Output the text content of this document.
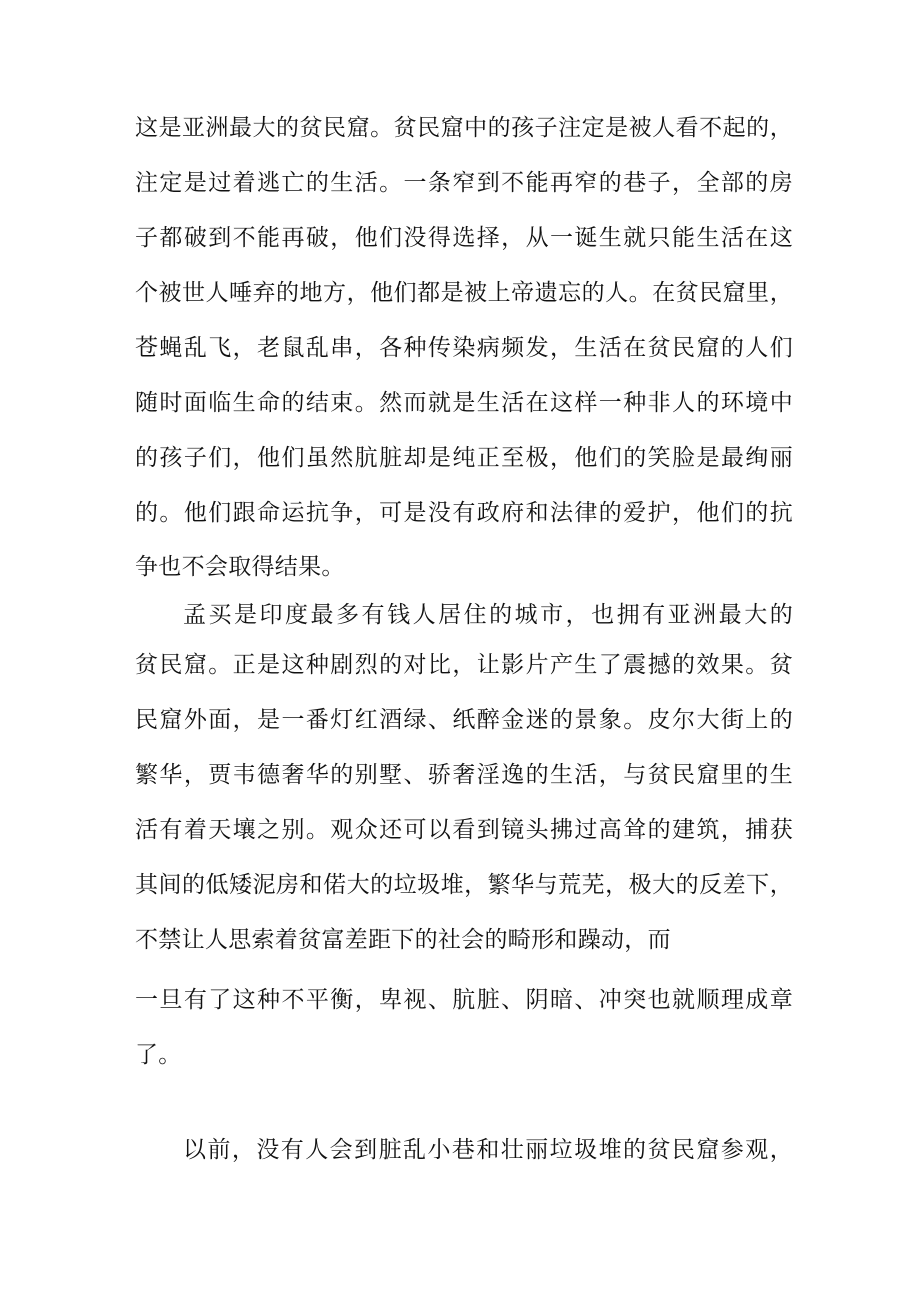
这是亚洲最大的贫民窟。贫民窟中的孩子注定是被人看不起的，
注定是过着逃亡的生活。一条窄到不能再窄的巷子，全部的房
子都破到不能再破，他们没得选择，从一诞生就只能生活在这
个被世人唾弃的地方，他们都是被上帝遗忘的人。在贫民窟里，
苍蝇乱飞，老鼠乱串，各种传染病频发，生活在贫民窟的人们
随时面临生命的结束。然而就是生活在这样一种非人的环境中
的孩子们，他们虽然肮脏却是纯正至极，他们的笑脸是最绚丽
的。他们跟命运抗争，可是没有政府和法律的爱护，他们的抗
争也不会取得结果。
孟买是印度最多有钱人居住的城市，也拥有亚洲最大的
贫民窟。正是这种剧烈的对比，让影片产生了震撼的效果。贫
民窟外面，是一番灯红酒绿、纸醉金迷的景象。皮尔大街上的
繁华，贾韦德奢华的别墅、骄奢淫逸的生活，与贫民窟里的生
活有着天壤之别。观众还可以看到镜头拂过高耸的建筑，捕获
其间的低矮泥房和偌大的垃圾堆，繁华与荒芜，极大的反差下，
不禁让人思索着贫富差距下的社会的畸形和躁动，而
一旦有了这种不平衡，卑视、肮脏、阴暗、冲突也就顺理成章
了。
以前，没有人会到脏乱小巷和壮丽垃圾堆的贫民窟参观，
